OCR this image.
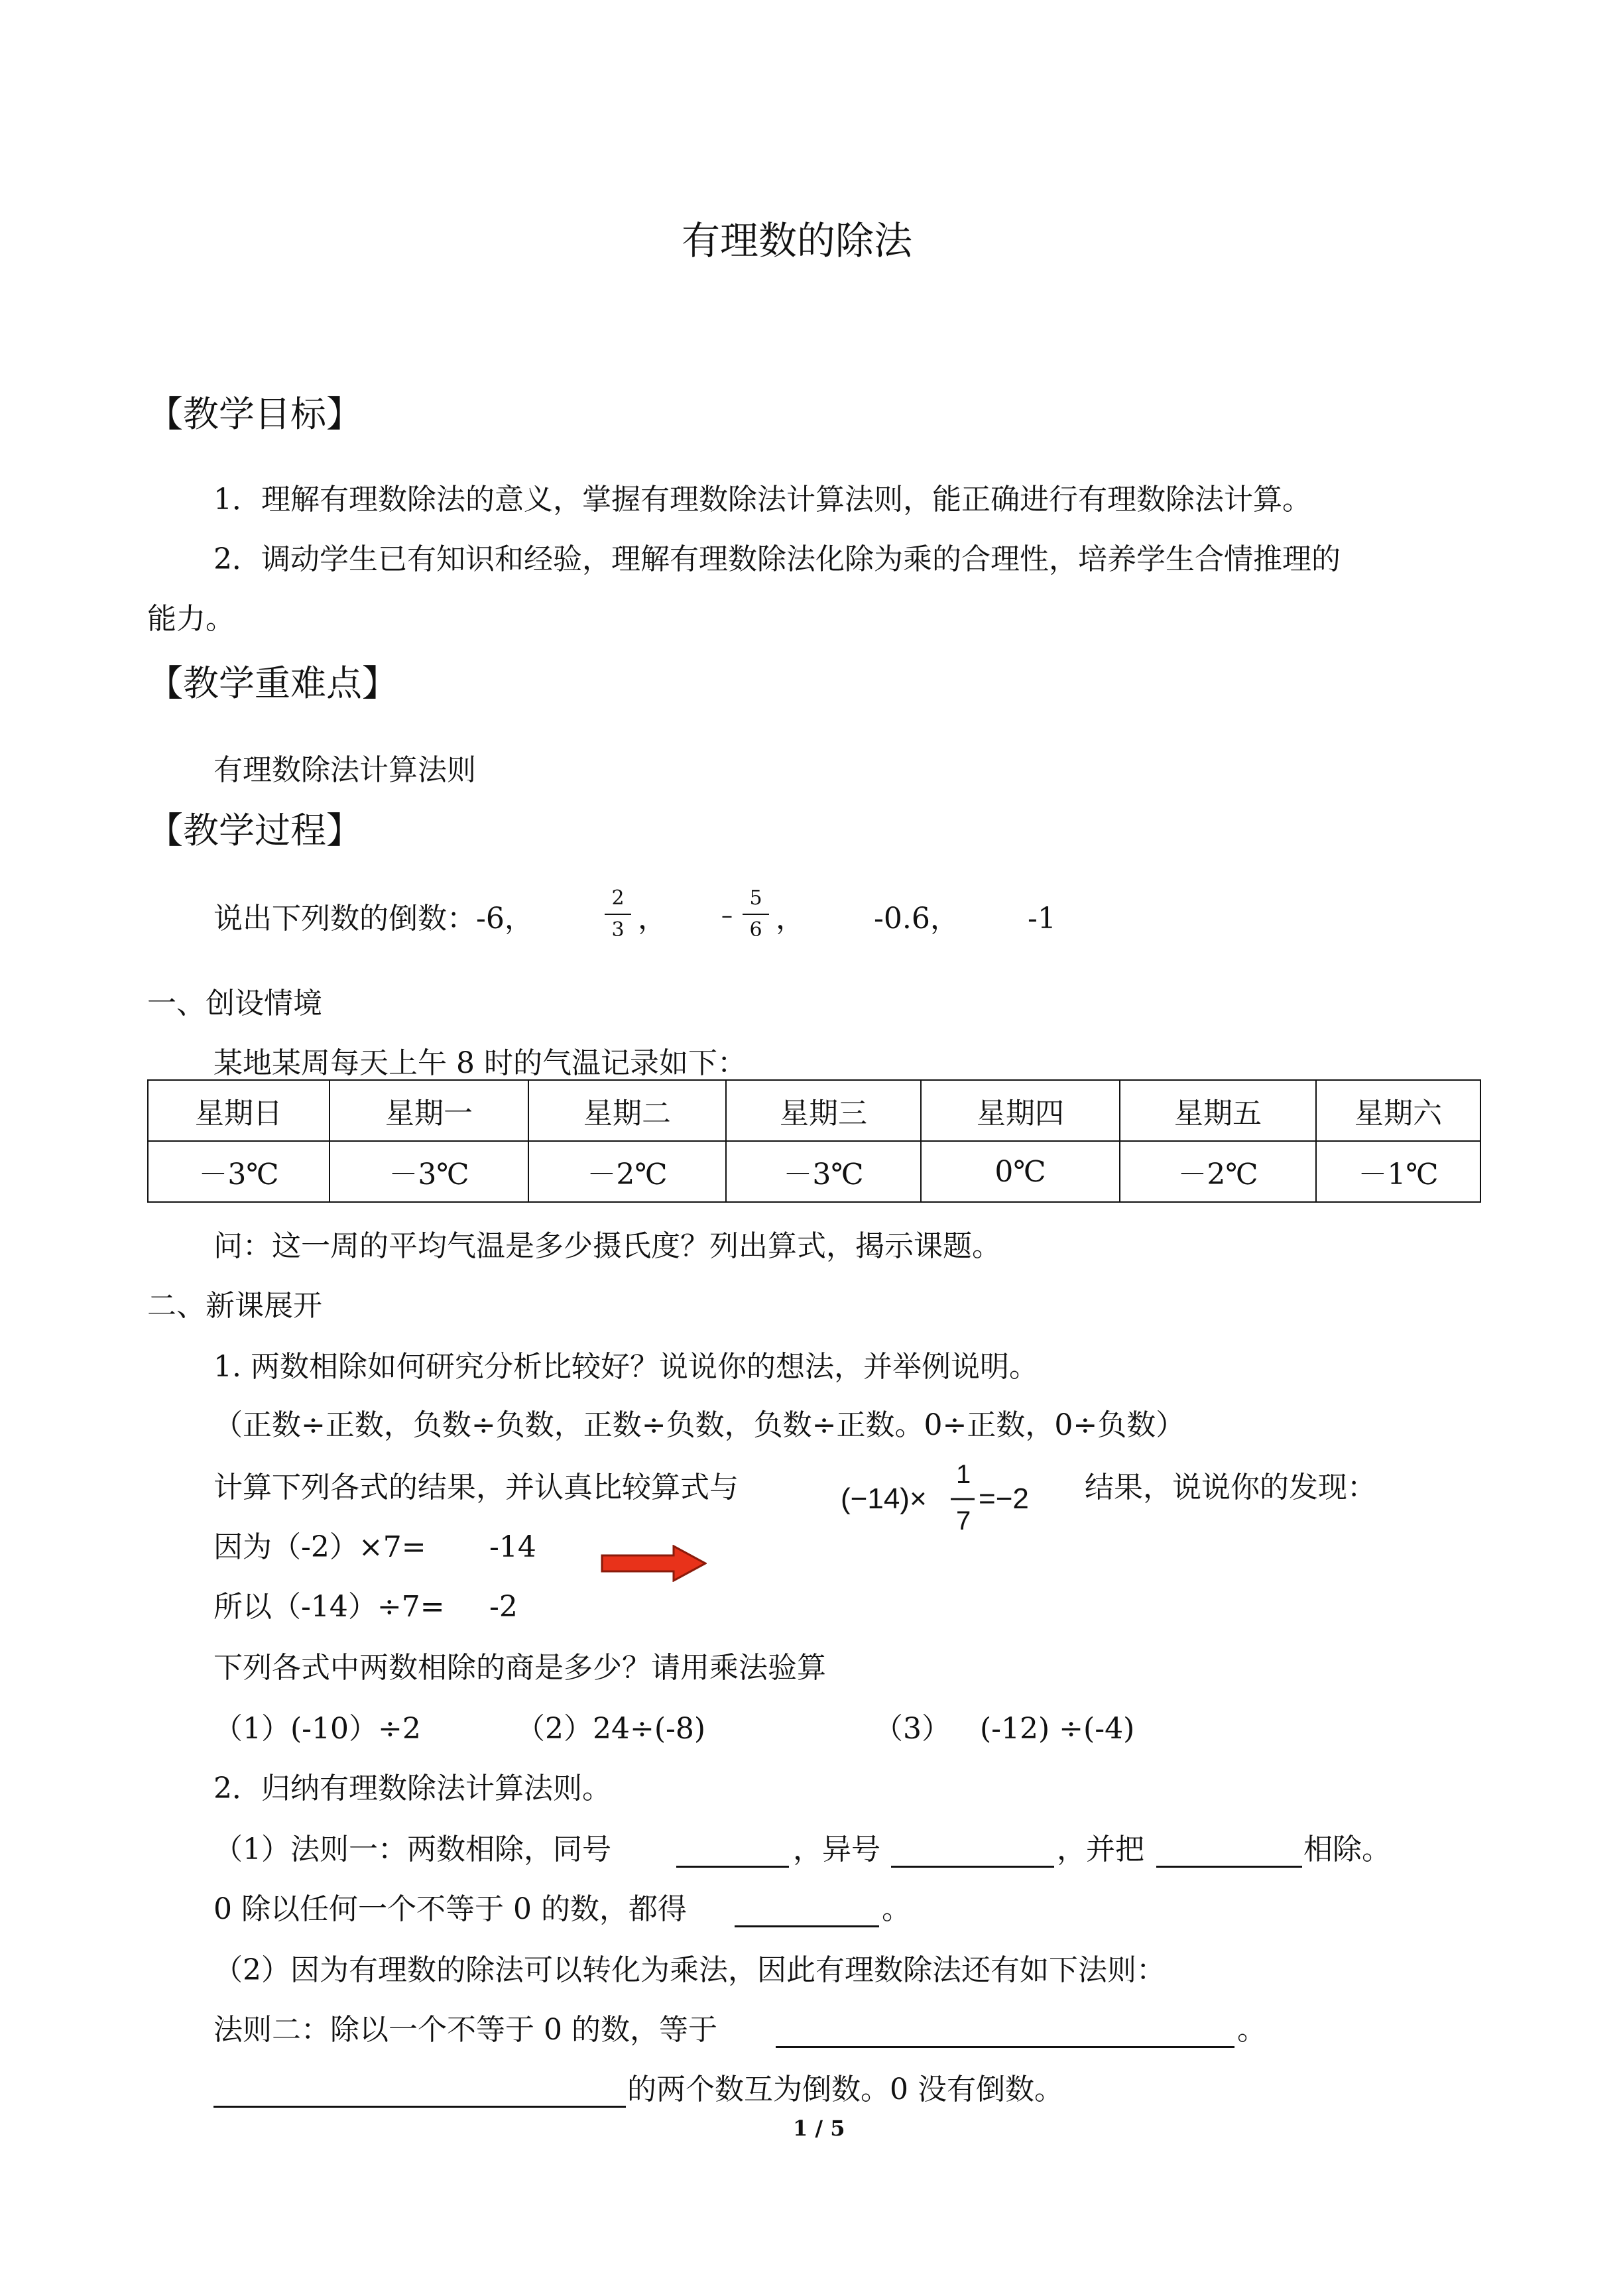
有理数的除法
【教学目标】
1．理解有理数除法的意义，掌握有理数除法计算法则，能正确进行有理数除法计算。
2．调动学生已有知识和经验，理解有理数除法化除为乘的合理性，培养学生合情推理的
能力。
【教学重难点】
有理数除法计算法则
【教学过程】
说出下列数的倒数：-6，
2
3 ， –
5
6 ， -0.6， -1
一、创设情境
某地某周每天上午 8 时的气温记录如下：
星期日	星期一	星期二	星期三	星期四	星期五	星期六
－3℃	－3℃	－2℃	－3℃	0℃	－2℃	－1℃
问：这一周的平均气温是多少摄氏度？列出算式，揭示课题。
二、新课展开
1. 两数相除如何研究分析比较好？说说你的想法，并举例说明。
（正数÷正数，负数÷负数，正数÷负数，负数÷正数。0÷正数，0÷负数）
计算下列各式的结果，并认真比较算式与	(−14)×
1
7
=−2 结果，说说你的发现：
因为（-2）×7= -14
所以（-14）÷7= -2
下列各式中两数相除的商是多少？请用乘法验算
（1）(-10）÷2	（2）24÷(-8)	（3） (-12) ÷(-4)
2．归纳有理数除法计算法则。
（1）法则一：两数相除，同号	，异号	，并把	相除。
0 除以任何一个不等于 0 的数，都得	。
（2）因为有理数的除法可以转化为乘法，因此有理数除法还有如下法则：
法则二：除以一个不等于 0 的数，等于	。
的两个数互为倒数。0 没有倒数。
1 / 5
